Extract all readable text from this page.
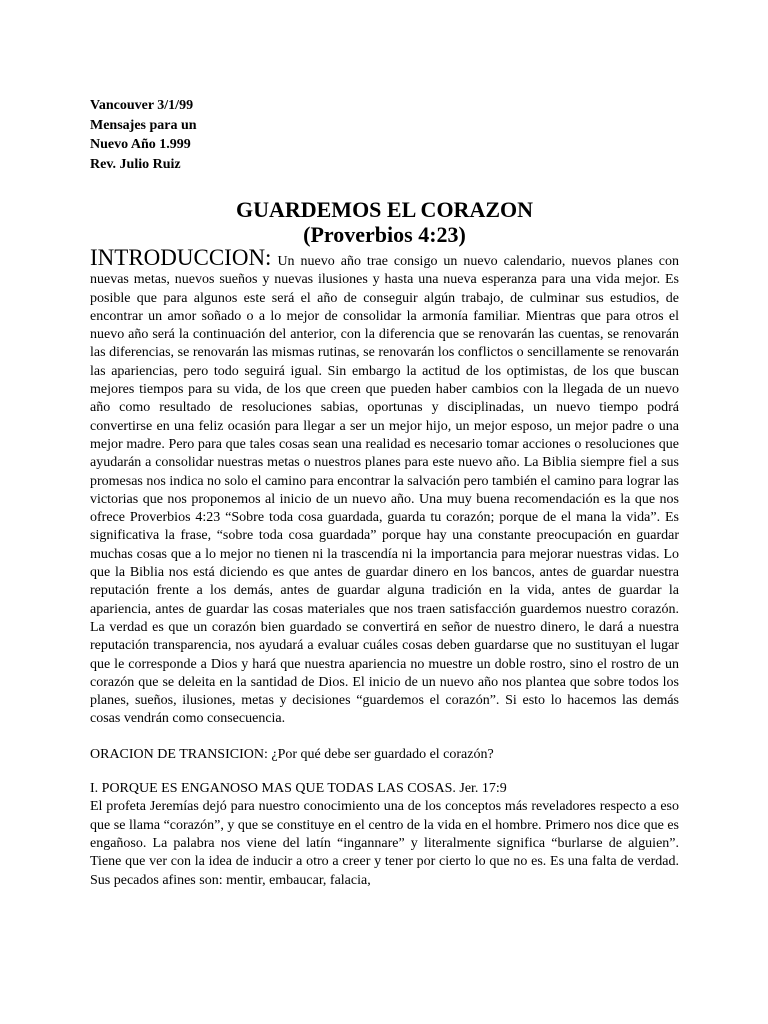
Vancouver 3/1/99
Mensajes para un
Nuevo Año 1.999
Rev. Julio Ruiz
GUARDEMOS EL CORAZON
(Proverbios 4:23)

INTRODUCCION: Un nuevo año trae consigo un nuevo calendario, nuevos planes con nuevas metas, nuevos sueños y nuevas ilusiones y hasta una nueva esperanza para una vida mejor. Es posible que para algunos este será el año de conseguir algún trabajo, de culminar sus estudios, de encontrar un amor soñado o a lo mejor de consolidar la armonía familiar. Mientras que para otros el nuevo año será la continuación del anterior, con la diferencia que se renovarán las cuentas, se renovarán las diferencias, se renovarán las mismas rutinas, se renovarán los conflictos o sencillamente se renovarán las apariencias, pero todo seguirá igual. Sin embargo la actitud de los optimistas, de los que buscan mejores tiempos para su vida, de los que creen que pueden haber cambios con la llegada de un nuevo año como resultado de resoluciones sabias, oportunas y disciplinadas, un nuevo tiempo podrá convertirse en una feliz ocasión para llegar a ser un mejor hijo, un mejor esposo, un mejor padre o una mejor madre. Pero para que tales cosas sean una realidad es necesario tomar acciones o resoluciones que ayudarán a consolidar nuestras metas o nuestros planes para este nuevo año. La Biblia siempre fiel a sus promesas nos indica no solo el camino para encontrar la salvación pero también el camino para lograr las victorias que nos proponemos al inicio de un nuevo año. Una muy buena recomendación es la que nos ofrece Proverbios 4:23 “Sobre toda cosa guardada, guarda tu corazón; porque de el mana la vida”. Es significativa la frase, “sobre toda cosa guardada” porque hay una constante preocupación en guardar muchas cosas que a lo mejor no tienen ni la trascendía ni la importancia para mejorar nuestras vidas. Lo que la Biblia nos está diciendo es que antes de guardar dinero en los bancos, antes de guardar nuestra reputación frente a los demás, antes de guardar alguna tradición en la vida, antes de guardar la apariencia, antes de guardar las cosas materiales que nos traen satisfacción guardemos nuestro corazón. La verdad es que un corazón bien guardado se convertirá en señor de nuestro dinero, le dará a nuestra reputación transparencia, nos ayudará a evaluar cuáles cosas deben guardarse que no sustituyan el lugar que le corresponde a Dios y hará que nuestra apariencia no muestre un doble rostro, sino el rostro de un corazón que se deleita en la santidad de Dios. El inicio de un nuevo año nos plantea que sobre todos los planes, sueños, ilusiones, metas y decisiones “guardemos el corazón”. Si esto lo hacemos las demás cosas vendrán como consecuencia.

ORACION DE TRANSICION: ¿Por qué debe ser guardado el corazón?

I. PORQUE ES ENGANOSO MAS QUE TODAS LAS COSAS. Jer. 17:9

El profeta Jeremías dejó para nuestro conocimiento una de los conceptos más reveladores respecto a eso que se llama “corazón”, y que se constituye en el centro de la vida en el hombre. Primero nos dice que es engañoso. La palabra nos viene del latín “ingannare” y literalmente significa “burlarse de alguien”. Tiene que ver con la idea de inducir a otro a creer y tener por cierto lo que no es. Es una falta de verdad. Sus pecados afines son: mentir, embaucar, falacia,
